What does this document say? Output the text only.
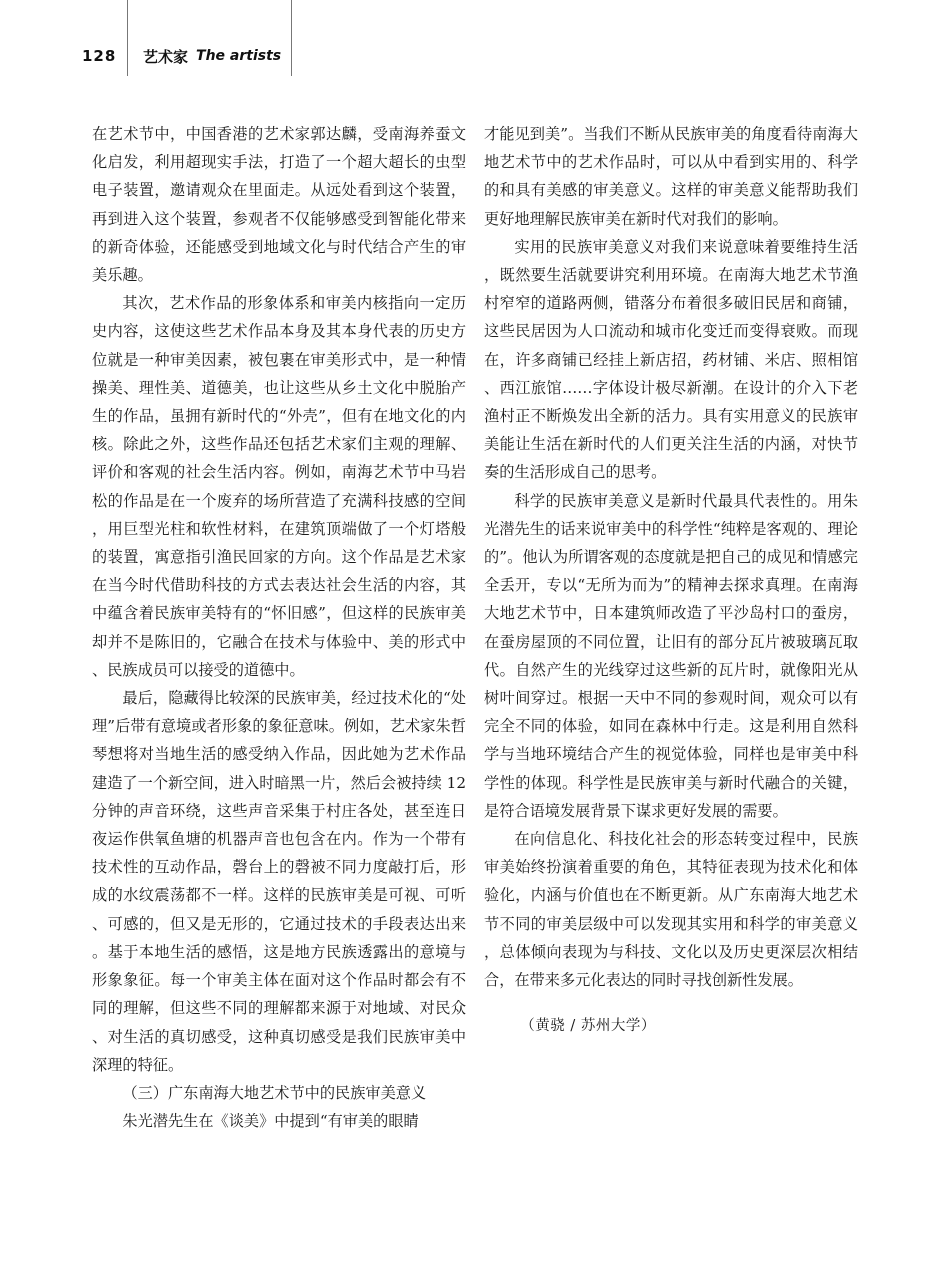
128	艺术家 The artists

在艺术节中，中国香港的艺术家郭达麟，受南海养蚕文化启发，利用超现实手法，打造了一个超大超长的虫型电子装置，邀请观众在里面走。从远处看到这个装置，再到进入这个装置，参观者不仅能够感受到智能化带来的新奇体验，还能感受到地域文化与时代结合产生的审美乐趣。

其次，艺术作品的形象体系和审美内核指向一定历史内容，这使这些艺术作品本身及其本身代表的历史方位就是一种审美因素，被包裹在审美形式中，是一种情操美、理性美、道德美，也让这些从乡土文化中脱胎产生的作品，虽拥有新时代的“外壳”，但有在地文化的内核。除此之外，这些作品还包括艺术家们主观的理解、评价和客观的社会生活内容。例如，南海艺术节中马岩松的作品是在一个废弃的场所营造了充满科技感的空间，用巨型光柱和软性材料，在建筑顶端做了一个灯塔般的装置，寓意指引渔民回家的方向。这个作品是艺术家在当今时代借助科技的方式去表达社会生活的内容，其中蕴含着民族审美特有的“怀旧感”，但这样的民族审美却并不是陈旧的，它融合在技术与体验中、美的形式中、民族成员可以接受的道德中。

最后，隐藏得比较深的民族审美，经过技术化的“处理”后带有意境或者形象的象征意味。例如，艺术家朱哲琴想将对当地生活的感受纳入作品，因此她为艺术作品建造了一个新空间，进入时暗黑一片，然后会被持续 12 分钟的声音环绕，这些声音采集于村庄各处，甚至连日夜运作供氧鱼塘的机器声音也包含在内。作为一个带有技术性的互动作品，磬台上的磬被不同力度敲打后，形成的水纹震荡都不一样。这样的民族审美是可视、可听、可感的，但又是无形的，它通过技术的手段表达出来。基于本地生活的感悟，这是地方民族透露出的意境与形象象征。每一个审美主体在面对这个作品时都会有不同的理解，但这些不同的理解都来源于对地域、对民众、对生活的真切感受，这种真切感受是我们民族审美中深理的特征。

（三）广东南海大地艺术节中的民族审美意义

朱光潜先生在《谈美》中提到“有审美的眼睛

才能见到美”。当我们不断从民族审美的角度看待南海大地艺术节中的艺术作品时，可以从中看到实用的、科学的和具有美感的审美意义。这样的审美意义能帮助我们更好地理解民族审美在新时代对我们的影响。

实用的民族审美意义对我们来说意味着要维持生活，既然要生活就要讲究利用环境。在南海大地艺术节渔村窄窄的道路两侧，错落分布着很多破旧民居和商铺，这些民居因为人口流动和城市化变迁而变得衰败。而现在，许多商铺已经挂上新店招，药材铺、米店、照相馆、西江旅馆……字体设计极尽新潮。在设计的介入下老渔村正不断焕发出全新的活力。具有实用意义的民族审美能让生活在新时代的人们更关注生活的内涵，对快节奏的生活形成自己的思考。

科学的民族审美意义是新时代最具代表性的。用朱光潜先生的话来说审美中的科学性“纯粹是客观的、理论的”。他认为所谓客观的态度就是把自己的成见和情感完全丢开，专以“无所为而为”的精神去探求真理。在南海大地艺术节中，日本建筑师改造了平沙岛村口的蚕房，在蚕房屋顶的不同位置，让旧有的部分瓦片被玻璃瓦取代。自然产生的光线穿过这些新的瓦片时，就像阳光从树叶间穿过。根据一天中不同的参观时间，观众可以有完全不同的体验，如同在森林中行走。这是利用自然科学与当地环境结合产生的视觉体验，同样也是审美中科学性的体现。科学性是民族审美与新时代融合的关键，是符合语境发展背景下谋求更好发展的需要。

在向信息化、科技化社会的形态转变过程中，民族审美始终扮演着重要的角色，其特征表现为技术化和体验化，内涵与价值也在不断更新。从广东南海大地艺术节不同的审美层级中可以发现其实用和科学的审美意义，总体倾向表现为与科技、文化以及历史更深层次相结合，在带来多元化表达的同时寻找创新性发展。

（黄骁 / 苏州大学）
